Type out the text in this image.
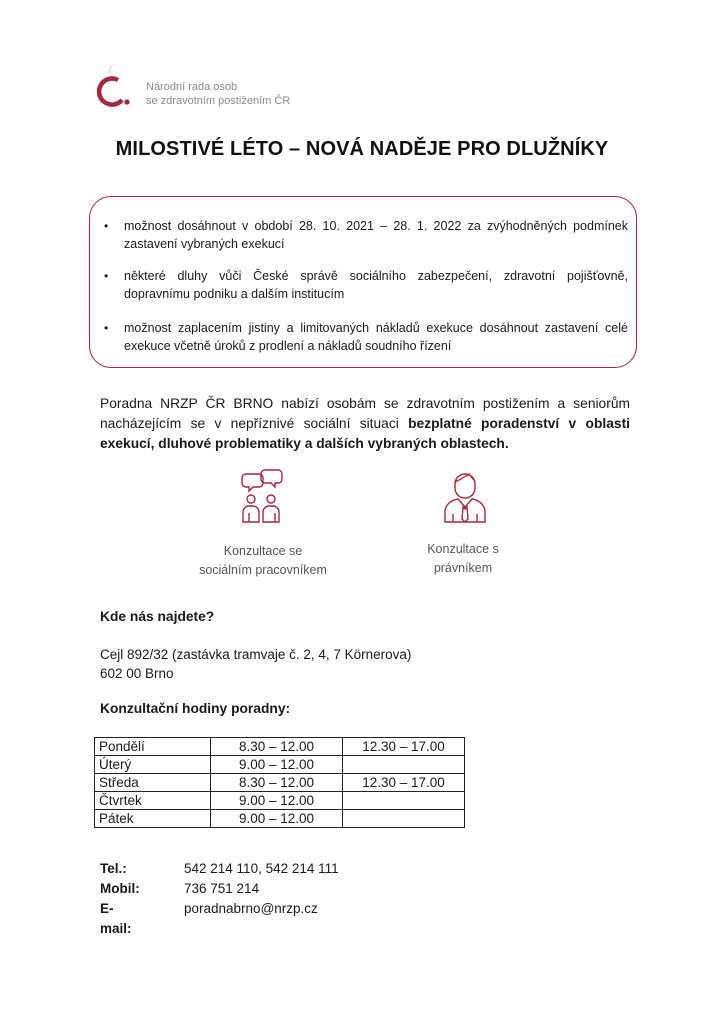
Národní rada osob
se zdravotním postižením ČR
MILOSTIVÉ LÉTO – NOVÁ NADĚJE PRO DLUŽNÍKY
• možnost dosáhnout v období 28. 10. 2021 – 28. 1. 2022 za zvýhodněných podmínek zastavení vybraných exekucí
• některé dluhy vůči České správě sociálního zabezpečení, zdravotní pojišťovně, dopravnímu podniku a dalším institucím
• možnost zaplacením jistiny a limitovaných nákladů exekuce dosáhnout zastavení celé exekuce včetně úroků z prodlení a nákladů soudního řízení
Poradna NRZP ČR BRNO nabízí osobám se zdravotním postižením a seniorům nacházejícím se v nepříznivé sociální situaci bezplatné poradenství v oblasti exekucí, dluhové problematiky a dalších vybraných oblastech.
Konzultace se
sociálním pracovníkem
Konzultace s
právníkem
Kde nás najdete?
Cejl 892/32 (zastávka tramvaje č. 2, 4, 7 Körnerova)
602 00 Brno
Konzultační hodiny poradny:
Pondělí	8.30 – 12.00	12.30 – 17.00
Úterý	9.00 – 12.00	
Středa	8.30 – 12.00	12.30 – 17.00
Čtvrtek	9.00 – 12.00	
Pátek	9.00 – 12.00	
Tel.:	542 214 110, 542 214 111
Mobil:	736 751 214
E-mail:
poradnabrno@nrzp.cz
